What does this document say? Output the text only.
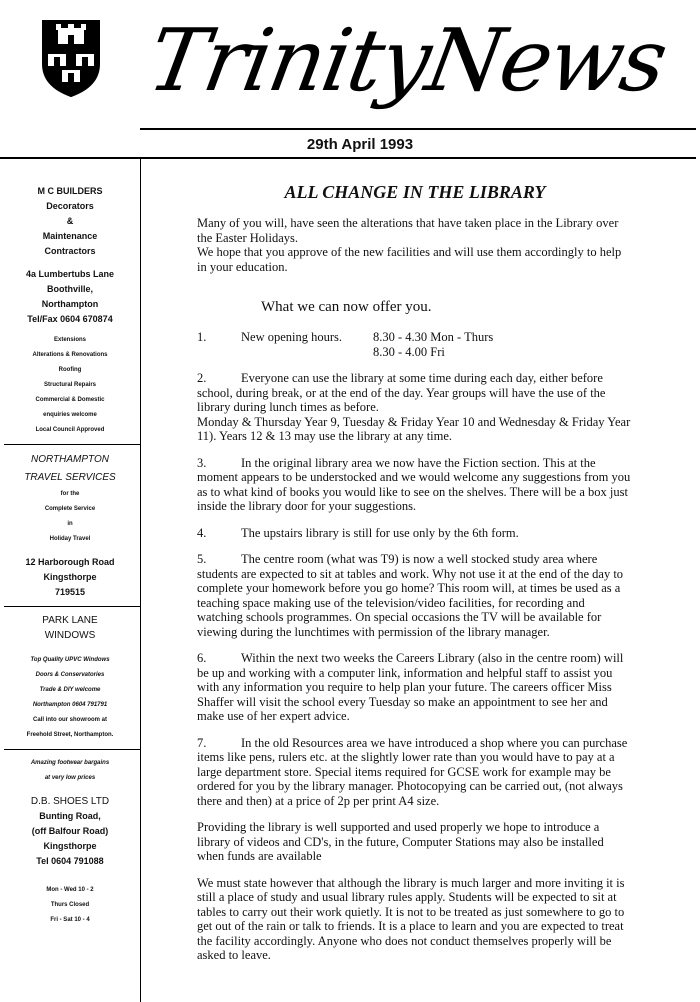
TrinityNews
29th April 1993

M C BUILDERS

Decorators

&

Maintenance

Contractors

4a Lumbertubs Lane

Boothville,

Northampton

Tel/Fax 0604 670874

Extensions

Alterations & Renovations

Roofing

Structural Repairs

Commercial & Domestic

enquiries welcome

Local Council Approved

NORTHAMPTON

TRAVEL SERVICES

for the

Complete Service

in

Holiday Travel

12 Harborough Road

Kingsthorpe

719515

PARK LANE

WINDOWS

Top Quality UPVC Windows

Doors & Conservatories

Trade & DIY welcome

Northampton 0604 791791

Call into our showroom at

Freehold Street, Northampton.

Amazing footwear bargains

at very low prices

D.B. SHOES LTD

Bunting Road,

(off Balfour Road)

Kingsthorpe

Tel 0604 791088

Mon - Wed 10 - 2

Thurs Closed

Fri - Sat 10 - 4

ALL CHANGE IN THE LIBRARY

Many of you will, have seen the alterations that have taken place in the Library over the Easter Holidays.
We hope that you approve of the new facilities and will use them accordingly to help in your education.

What we can now offer you.
1.	New opening hours.	8.30 - 4.30 Mon - Thurs
8.30 - 4.00 Fri

2.	Everyone can use the library at some time during each day, either before school, during break, or at the end of the day. Year groups will have the use of the library during lunch times as before.
Monday & Thursday Year 9, Tuesday & Friday Year 10 and Wednesday & Friday Year 11). Years 12 & 13 may use the library at any time.

3.	In the original library area we now have the Fiction section. This at the moment appears to be understocked and we would welcome any suggestions from you as to what kind of books you would like to see on the shelves. There will be a box just inside the library door for your suggestions.

4.	The upstairs library is still for use only by the 6th form.

5.	The centre room (what was T9) is now a well stocked study area where students are expected to sit at tables and work. Why not use it at the end of the day to complete your homework before you go home? This room will, at times be used as a teaching space making use of the television/video facilities, for recording and watching schools programmes. On special occasions the TV will be available for viewing during the lunchtimes with permission of the library manager.

6.	Within the next two weeks the Careers Library (also in the centre room) will be up and working with a computer link, information and helpful staff to assist you with any information you require to help plan your future. The careers officer Miss Shaffer will visit the school every Tuesday so make an appointment to see her and make use of her expert advice.

7.	In the old Resources area we have introduced a shop where you can purchase items like pens, rulers etc. at the slightly lower rate than you would have to pay at a large department store. Special items required for GCSE work for example may be ordered for you by the library manager. Photocopying can be carried out, (not always there and then) at a price of 2p per print A4 size.

Providing the library is well supported and used properly we hope to introduce a library of videos and CD's, in the future, Computer Stations may also be installed when funds are available

We must state however that although the library is much larger and more inviting it is still a place of study and usual library rules apply. Students will be expected to sit at tables to carry out their work quietly. It is not to be treated as just somewhere to go to get out of the rain or talk to friends. It is a place to learn and you are expected to treat the facility accordingly. Anyone who does not conduct themselves properly will be asked to leave.
